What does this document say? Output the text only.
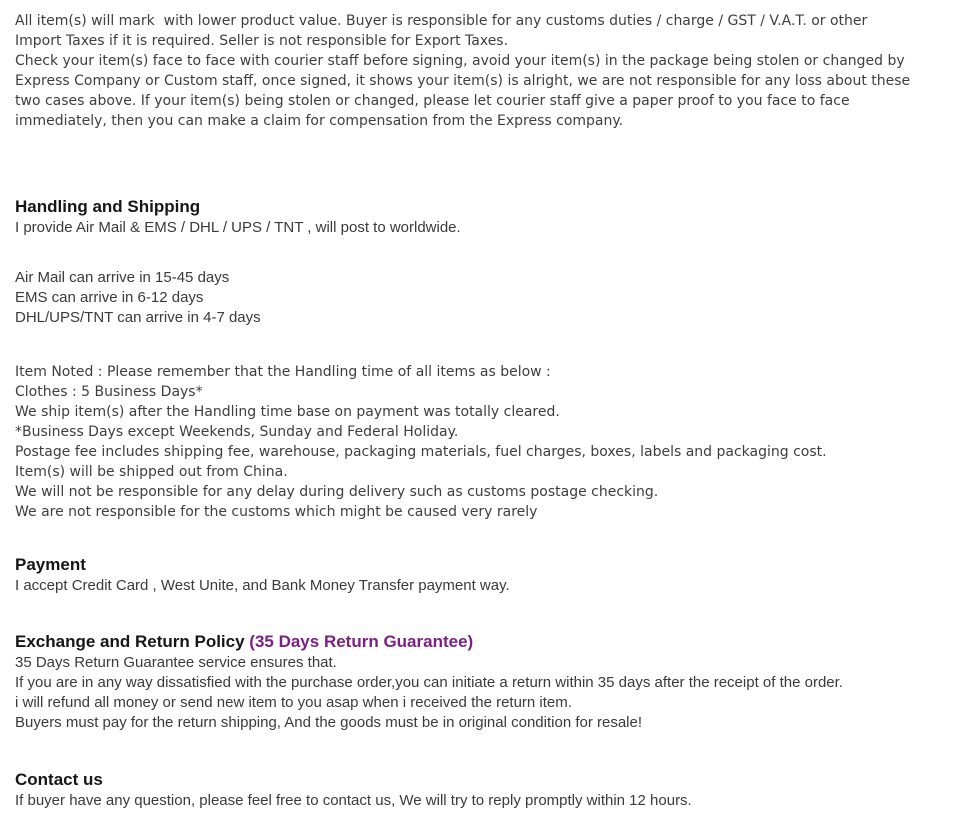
All item(s) will mark  with lower product value. Buyer is responsible for any customs duties / charge / GST / V.A.T. or other
Import Taxes if it is required. Seller is not responsible for Export Taxes.
Check your item(s) face to face with courier staff before signing, avoid your item(s) in the package being stolen or changed by
Express Company or Custom staff, once signed, it shows your item(s) is alright, we are not responsible for any loss about these
two cases above. If your item(s) being stolen or changed, please let courier staff give a paper proof to you face to face
immediately, then you can make a claim for compensation from the Express company.
Handling and Shipping
I provide Air Mail & EMS / DHL / UPS / TNT , will post to worldwide.
Air Mail can arrive in 15-45 days
EMS can arrive in 6-12 days
DHL/UPS/TNT can arrive in 4-7 days
Item Noted : Please remember that the Handling time of all items as below :
Clothes : 5 Business Days*
We ship item(s) after the Handling time base on payment was totally cleared.
*Business Days except Weekends, Sunday and Federal Holiday.
Postage fee includes shipping fee, warehouse, packaging materials, fuel charges, boxes, labels and packaging cost.
Item(s) will be shipped out from China.
We will not be responsible for any delay during delivery such as customs postage checking.
We are not responsible for the customs which might be caused very rarely
Payment
I accept Credit Card , West Unite, and Bank Money Transfer payment way.
Exchange and Return Policy (35 Days Return Guarantee)
35 Days Return Guarantee service ensures that.
If you are in any way dissatisfied with the purchase order,you can initiate a return within 35 days after the receipt of the order.
i will refund all money or send new item to you asap when i received the return item.
Buyers must pay for the return shipping, And the goods must be in original condition for resale!
Contact us
If buyer have any question, please feel free to contact us, We will try to reply promptly within 12 hours.
